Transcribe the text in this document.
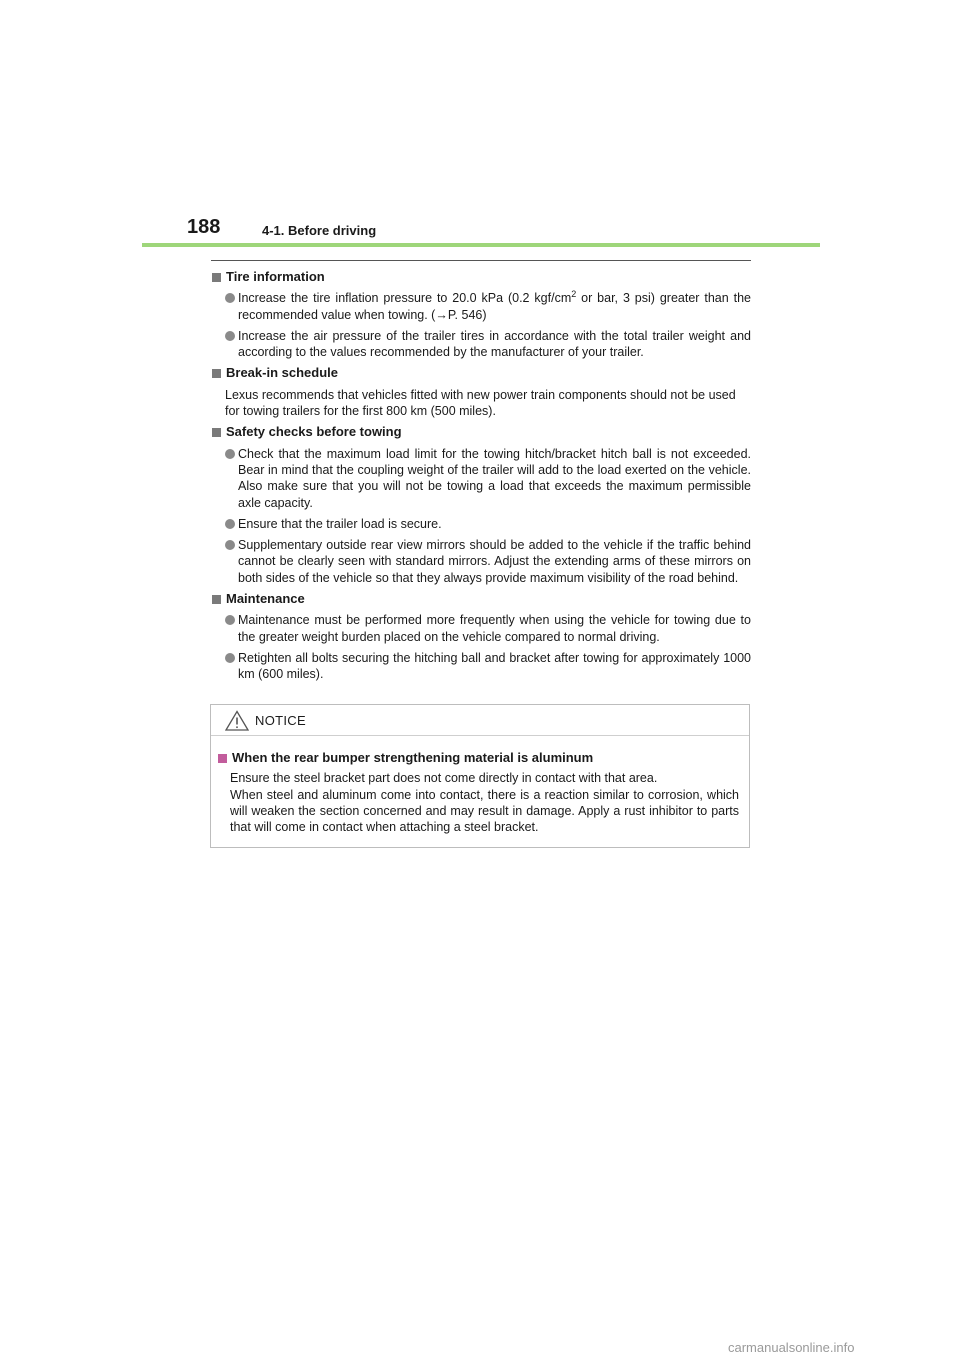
188	4-1. Before driving
Tire information
Increase the tire inflation pressure to 20.0 kPa (0.2 kgf/$cm^2$ or bar, 3 psi) greater than the recommended value when towing. (→P. 546)
Increase the air pressure of the trailer tires in accordance with the total trailer weight and according to the values recommended by the manufacturer of your trailer.
Break-in schedule
Lexus recommends that vehicles fitted with new power train components should not be used for towing trailers for the first 800 km (500 miles).
Safety checks before towing
Check that the maximum load limit for the towing hitch/bracket hitch ball is not exceeded. Bear in mind that the coupling weight of the trailer will add to the load exerted on the vehicle. Also make sure that you will not be towing a load that exceeds the maximum permissible axle capacity.
Ensure that the trailer load is secure.
Supplementary outside rear view mirrors should be added to the vehicle if the traffic behind cannot be clearly seen with standard mirrors. Adjust the extending arms of these mirrors on both sides of the vehicle so that they always provide maximum visibility of the road behind.
Maintenance
Maintenance must be performed more frequently when using the vehicle for towing due to the greater weight burden placed on the vehicle compared to normal driving.
Retighten all bolts securing the hitching ball and bracket after towing for approximately 1000 km (600 miles).
NOTICE
When the rear bumper strengthening material is aluminum
Ensure the steel bracket part does not come directly in contact with that area.
When steel and aluminum come into contact, there is a reaction similar to corrosion, which will weaken the section concerned and may result in damage. Apply a rust inhibitor to parts that will come in contact when attaching a steel bracket.
carmanualsonline.info
